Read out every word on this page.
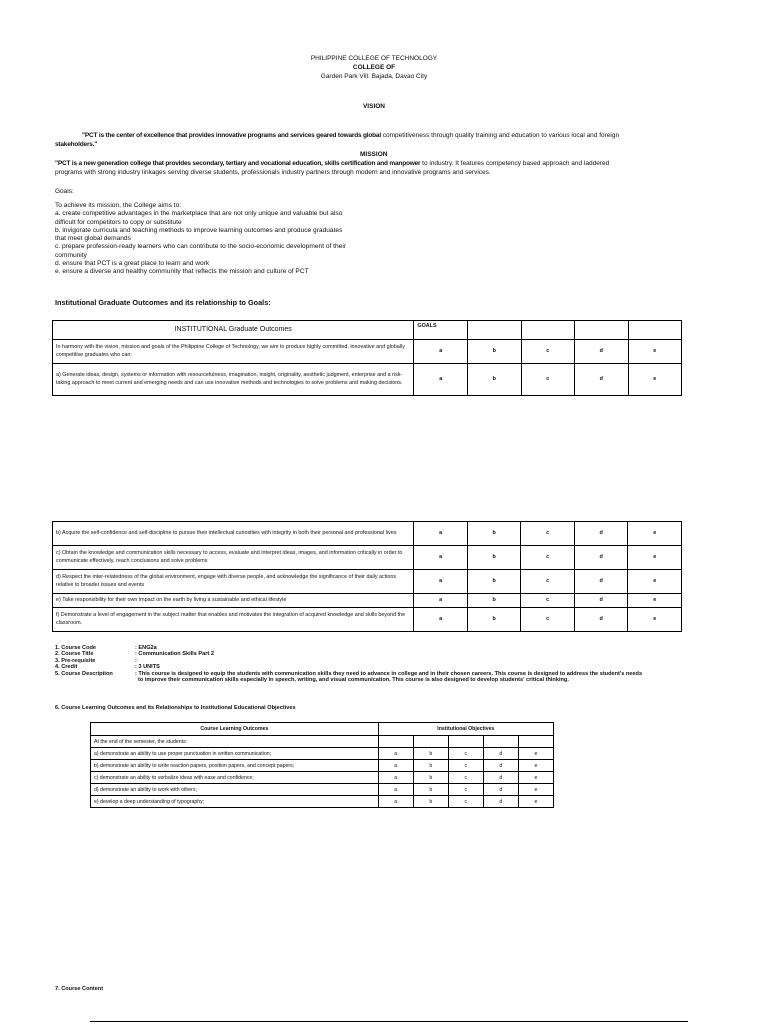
PHILIPPINE COLLEGE OF TECHNOLOGY
COLLEGE OF
Garden Park Vill. Bajada, Davao City
VISION
"PCT is the center of excellence that provides innovative programs and services geared towards global competitiveness through quality training and education to various local and foreign
stakeholders."
MISSION
"PCT is a new generation college that provides secondary, tertiary and vocational education, skills certification and manpower to industry. It features competency based approach and laddered
programs with strong industry linkages serving diverse students, professionals industry partners through modern and innovative programs and services.
Goals:
To achieve its mission, the College aims to:
a. create competitive advantages in the marketplace that are not only unique and valuable but also
difficult for competitors to copy or substitute
b. invigorate curricula and teaching methods to improve learning outcomes and produce graduates
that meet global demands
c. prepare profession-ready learners who can contribute to the socio-economic development of their
community
d. ensure that PCT is a great place to learn and work
e. ensure a diverse and healthy community that reflects the mission and culture of PCT
Institutional Graduate Outcomes and its relationship to Goals:
INSTITUTIONAL Graduate Outcomes	GOALS				
In harmony with the vision, mission and goals of the Philippine College of Technology, we aim to produce highly committed, innovative and globally competitive graduates who can:	a	b	c	d	e
a) Generate ideas, design, systems or information with resourcefulness, imagination, insight, originality, aesthetic judgment, enterprise and a risk-taking approach to meet current and emerging needs and can use innovative methods and technologies to solve problems and making decisions.	a	b	c	d	e
b) Acquire the self-confidence and self-discipline to pursue their intellectual curiosities with integrity in both their personal and professional lives	a	b	c	d	e
c) Obtain the knowledge and communication skills necessary to access, evaluate and interpret ideas, images, and information critically in order to communicate effectively, reach conclusions and solve problems	a	b	c	d	e
d) Respect the inter-relatedness of the global environment, engage with diverse people, and acknowledge the significance of their daily actions relative to broader issues and events	a	b	c	d	e
e) Take responsibility for their own impact on the earth by living a sustainable and ethical lifestyle	a	b	c	d	e
f) Demonstrate a level of engagement in the subject matter that enables and motivates the integration of acquired knowledge and skills beyond the classroom.	a	b	c	d	e
1. Course Code	: ENG2a
2. Course Title	: Communication Skills Part 2
3. Pre-requisite	:
4. Credit	: 3 UNITS
5. Course Description	: This course is designed to equip the students with communication skills they need to advance in college and in their chosen careers. This course is designed to address the student's needs
	to improve their communication skills especially in speech, writing, and visual communication. This course is also designed to develop students' critical thinking.
6. Course Learning Outcomes and its Relationships to Institutional Educational Objectives
Course Learning Outcomes	Institutional Objectives				
At the end of the semester, the students:					
a) demonstrate an ability to use proper punctuation in written communication;	a	b	c	d	e
b) demonstrate an ability to write reaction papers, position papers, and concept papers;	a	b	c	d	e
c) demonstrate an ability to verbalize ideas with ease and confidence;	a	b	c	d	e
d) demonstrate an ability to work with others;	a	b	c	d	e
e) develop a deep understanding of typography;	a	b	c	d	e
7. Course Content
